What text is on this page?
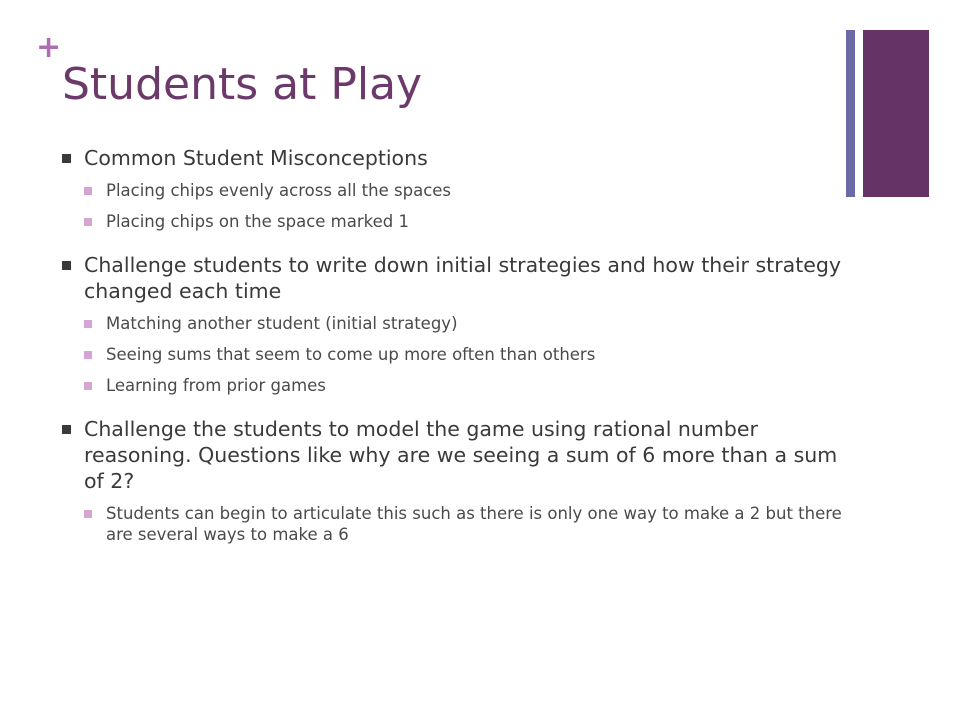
+
Students at Play

Common Student Misconceptions

Placing chips evenly across all the spaces

Placing chips on the space marked 1

Challenge students to write down initial strategies and how their strategy changed each time

Matching another student (initial strategy)

Seeing sums that seem to come up more often than others

Learning from prior games

Challenge the students to model the game using rational number reasoning. Questions like why are we seeing a sum of 6 more than a sum of 2?

Students can begin to articulate this such as there is only one way to make a 2 but there are several ways to make a 6
